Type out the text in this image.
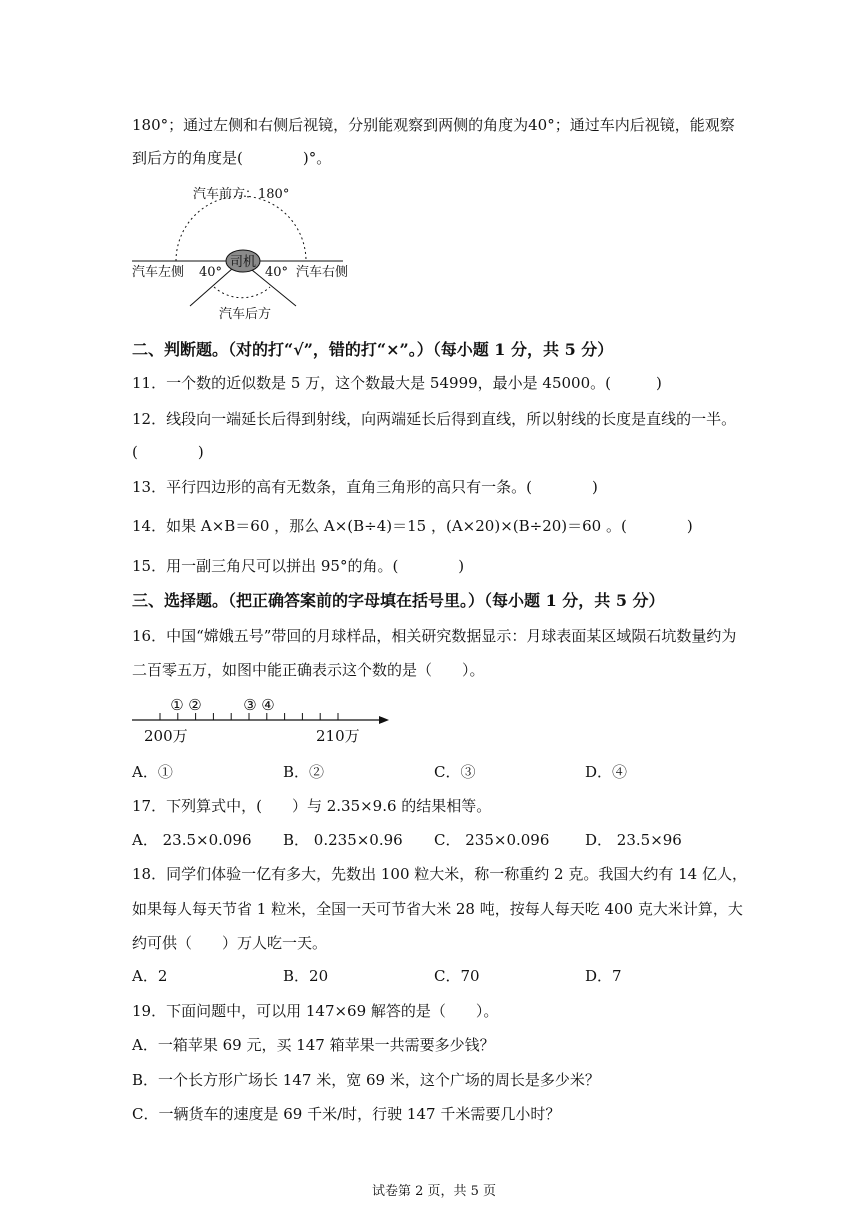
180°；通过左侧和右侧后视镜，分别能观察到两侧的角度为40°；通过车内后视镜，能观察
到后方的角度是(　　　　)°。
司机
汽车前方：180°
汽车左侧 40°	40° 汽车右侧
汽车后方
二、判断题。（对的打“√”，错的打“×”。）（每小题 1 分，共 5 分）
11．一个数的近似数是 5 万，这个数最大是 54999，最小是 45000。(　　　)
12．线段向一端延长后得到射线，向两端延长后得到直线，所以射线的长度是直线的一半。
(　　　　)
13．平行四边形的高有无数条，直角三角形的高只有一条。(　　　　)
14．如果 A×B＝60 ，那么 A×(B÷4)＝15 ，(A×20)×(B÷20)＝60 。(　　　　)
15．用一副三角尺可以拼出 95°的角。(　　　　)
三、选择题。（把正确答案前的字母填在括号里。）（每小题 1 分，共 5 分）
16．中国“嫦娥五号”带回的月球样品，相关研究数据显示：月球表面某区域陨石坑数量约为
二百零五万，如图中能正确表示这个数的是（　　）。
① ②	③ ④
200万	210万
A．①	B．②	C．③	D．④
17．下列算式中，(　　）与 2.35×9.6 的结果相等。
A． 23.5×0.096 B． 0.235×0.96 C． 235×0.096 D． 23.5×96
18．同学们体验一亿有多大，先数出 100 粒大米，称一称重约 2 克。我国大约有 14 亿人，
如果每人每天节省 1 粒米，全国一天可节省大米 28 吨，按每人每天吃 400 克大米计算，大
约可供（　　）万人吃一天。
A．2	B．20	C．70	D．7
19．下面问题中，可以用 147×69 解答的是（　　）。
A．一箱苹果 69 元，买 147 箱苹果一共需要多少钱？
B．一个长方形广场长 147 米，宽 69 米，这个广场的周长是多少米？
C．一辆货车的速度是 69 千米/时，行驶 147 千米需要几小时？
试卷第 2 页，共 5 页
